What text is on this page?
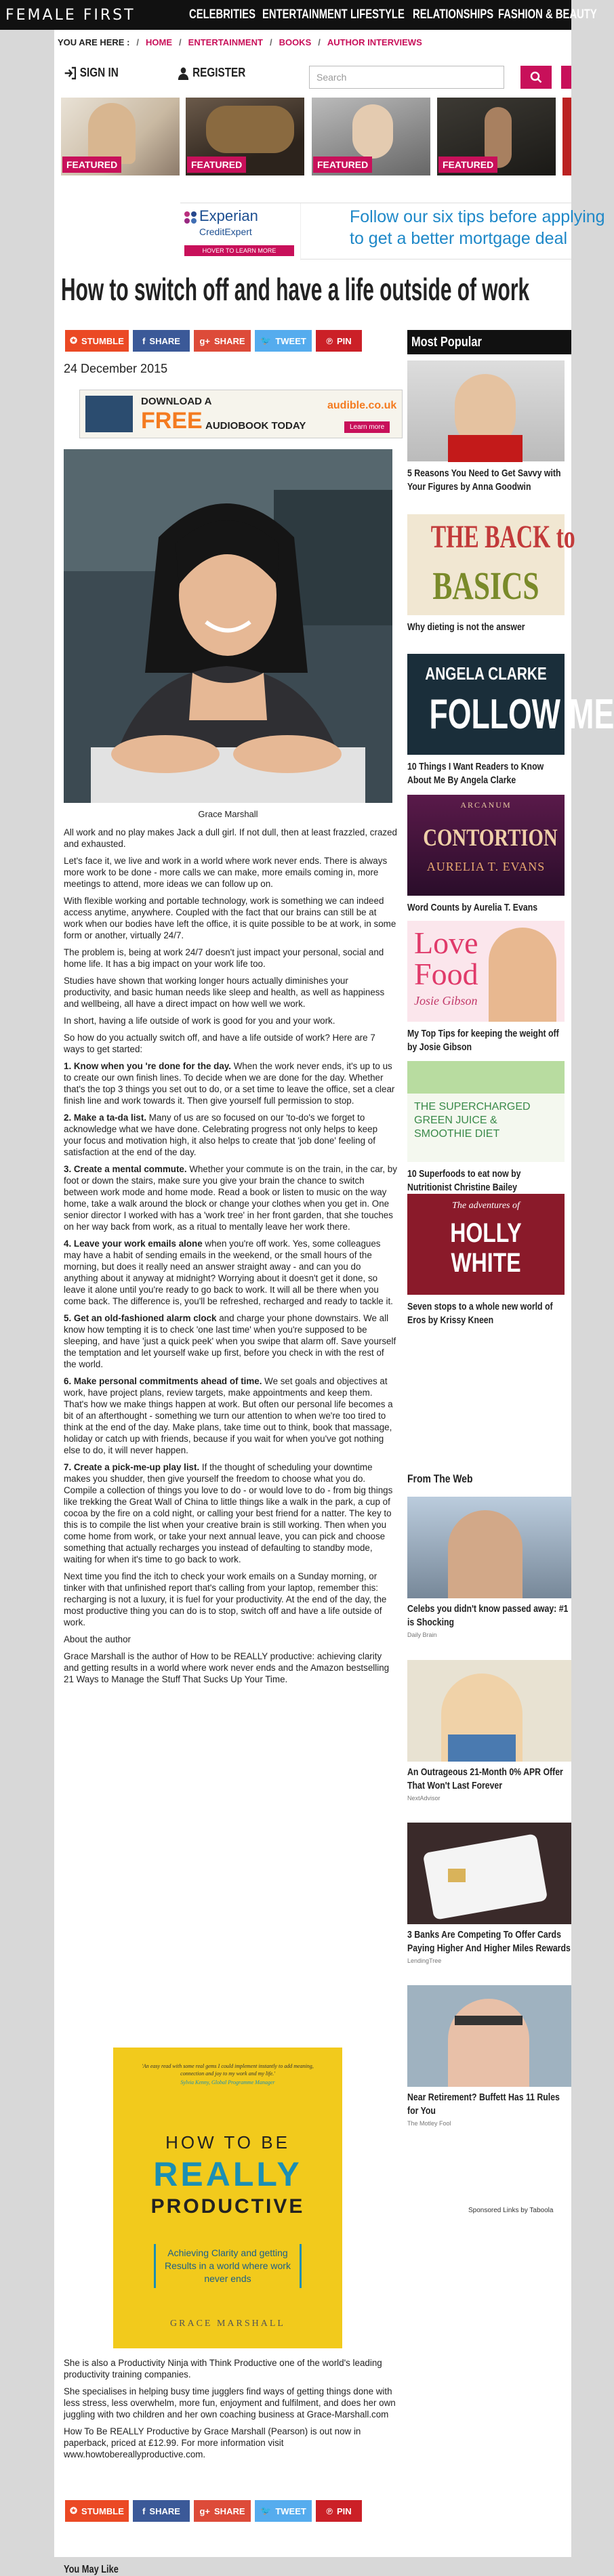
FEMALE FIRST	CELEBRITIES ENTERTAINMENT LIFESTYLE RELATIONSHIPS FASHION & BEAUTY
YOU ARE HERE : / HOME / ENTERTAINMENT / BOOKS / AUTHOR INTERVIEWS
SIGN IN	REGISTER	Search
FEATURED	FEATURED	FEATURED	FEATURED
Experian
CreditExpert
HOVER TO LEARN MORE
Follow our six tips before applying
to get a better mortgage deal
How to switch off and have a life outside of work
✪ STUMBLE f SHARE g+ SHARE 🐦 TWEET ℗ PIN
24 December 2015
DOWNLOAD A
FREE AUDIOBOOK TODAY
audible.co.uk
Learn more
Grace Marshall

All work and no play makes Jack a dull girl. If not dull, then at least frazzled, crazed and exhausted.

Let's face it, we live and work in a world where work never ends. There is always more work to be done - more calls we can make, more emails coming in, more meetings to attend, more ideas we can follow up on.

With flexible working and portable technology, work is something we can indeed access anytime, anywhere. Coupled with the fact that our brains can still be at work when our bodies have left the office, it is quite possible to be at work, in some form or another, virtually 24/7.

The problem is, being at work 24/7 doesn't just impact your personal, social and home life. It has a big impact on your work life too.

Studies have shown that working longer hours actually diminishes your productivity, and basic human needs like sleep and health, as well as happiness and wellbeing, all have a direct impact on how well we work.

In short, having a life outside of work is good for you and your work.

So how do you actually switch off, and have a life outside of work? Here are 7 ways to get started:

1. Know when you 're done for the day. When the work never ends, it's up to us to create our own finish lines. To decide when we are done for the day. Whether that's the top 3 things you set out to do, or a set time to leave the office, set a clear finish line and work towards it. Then give yourself full permission to stop.

2. Make a ta-da list. Many of us are so focused on our 'to-do's we forget to acknowledge what we have done. Celebrating progress not only helps to keep your focus and motivation high, it also helps to create that 'job done' feeling of satisfaction at the end of the day.

3. Create a mental commute. Whether your commute is on the train, in the car, by foot or down the stairs, make sure you give your brain the chance to switch between work mode and home mode. Read a book or listen to music on the way home, take a walk around the block or change your clothes when you get in. One senior director I worked with has a 'work tree' in her front garden, that she touches on her way back from work, as a ritual to mentally leave her work there.

4. Leave your work emails alone when you're off work. Yes, some colleagues may have a habit of sending emails in the weekend, or the small hours of the morning, but does it really need an answer straight away - and can you do anything about it anyway at midnight? Worrying about it doesn't get it done, so leave it alone until you're ready to go back to work. It will all be there when you come back. The difference is, you'll be refreshed, recharged and ready to tackle it.

5. Get an old-fashioned alarm clock and charge your phone downstairs. We all know how tempting it is to check 'one last time' when you're supposed to be sleeping, and have 'just a quick peek' when you swipe that alarm off. Save yourself the temptation and let yourself wake up first, before you check in with the rest of the world.

6. Make personal commitments ahead of time. We set goals and objectives at work, have project plans, review targets, make appointments and keep them. That's how we make things happen at work. But often our personal life becomes a bit of an afterthought - something we turn our attention to when we're too tired to think at the end of the day. Make plans, take time out to think, book that massage, holiday or catch up with friends, because if you wait for when you've got nothing else to do, it will never happen.

7. Create a pick-me-up play list. If the thought of scheduling your downtime makes you shudder, then give yourself the freedom to choose what you do. Compile a collection of things you love to do - or would love to do - from big things like trekking the Great Wall of China to little things like a walk in the park, a cup of cocoa by the fire on a cold night, or calling your best friend for a natter. The key to this is to compile the list when your creative brain is still working. Then when you come home from work, or take your next annual leave, you can pick and choose something that actually recharges you instead of defaulting to standby mode, waiting for when it's time to go back to work.

Next time you find the itch to check your work emails on a Sunday morning, or tinker with that unfinished report that's calling from your laptop, remember this: recharging is not a luxury, it is fuel for your productivity. At the end of the day, the most productive thing you can do is to stop, switch off and have a life outside of work.

About the author

Grace Marshall is the author of How to be REALLY productive: achieving clarity and getting results in a world where work never ends and the Amazon bestselling 21 Ways to Manage the Stuff That Sucks Up Your Time.

'An easy read with some real gems I could implement instantly to add meaning, connection and joy to my work and my life.'
Sylvia Kenny, Global Programme Manager
HOW TO BE
REALLY
PRODUCTIVE
Achieving Clarity and getting Results in a world where work never ends
GRACE MARSHALL

She is also a Productivity Ninja with Think Productive one of the world's leading productivity training companies.

She specialises in helping busy time jugglers find ways of getting things done with less stress, less overwhelm, more fun, enjoyment and fulfilment, and does her own juggling with two children and her own coaching business at Grace-Marshall.com

How To Be REALLY Productive by Grace Marshall (Pearson) is out now in paperback, priced at £12.99. For more information visit www.howtobereallyproductive.com.

✪ STUMBLE f SHARE g+ SHARE 🐦 TWEET ℗ PIN
You May Like
Most Popular
5 Reasons You Need to Get Savvy with Your Figures by Anna Goodwin
THE BACK to
BASICS
Why dieting is not the answer
ANGELA CLARKE
FOLLOW ME
10 Things I Want Readers to Know About Me By Angela Clarke
ARCANUM
CONTORTION
AURELIA T. EVANS
Word Counts by Aurelia T. Evans
Love Food
Josie Gibson
My Top Tips for keeping the weight off by Josie Gibson
THE SUPERCHARGED GREEN JUICE & SMOOTHIE DIET
10 Superfoods to eat now by Nutritionist Christine Bailey
The adventures of
HOLLY WHITE
Seven stops to a whole new world of Eros by Krissy Kneen
From The Web
Celebs you didn't know passed away: #1 is Shocking
Daily Brain
An Outrageous 21-Month 0% APR Offer That Won't Last Forever
NextAdvisor
3 Banks Are Competing To Offer Cards Paying Higher And Higher Miles Rewards
LendingTree
Near Retirement? Buffett Has 11 Rules for You
The Motley Fool
Sponsored Links by Taboola
